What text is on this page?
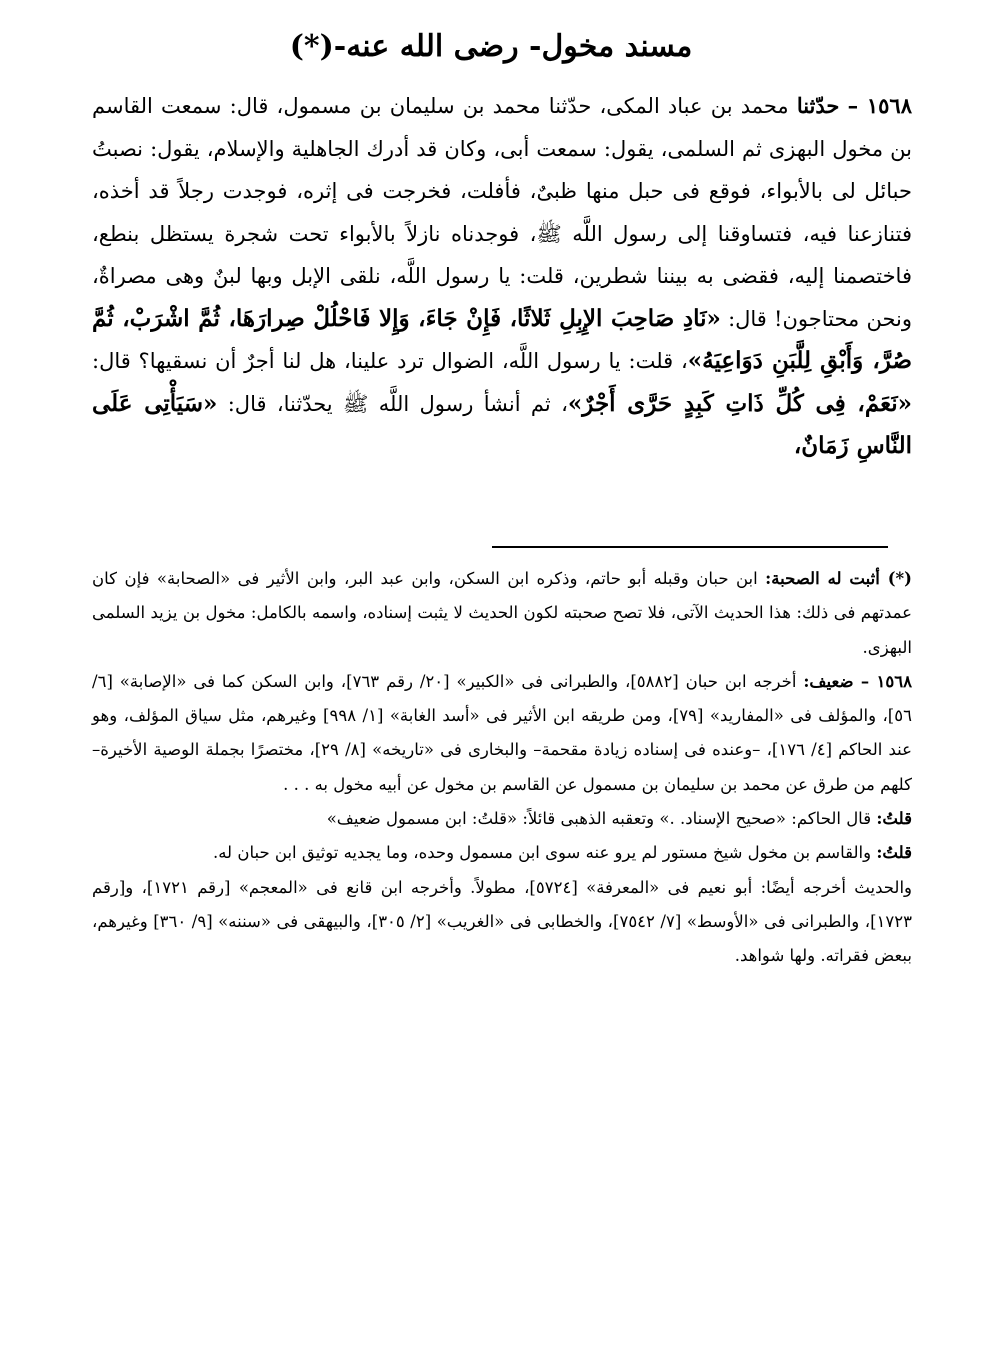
مسند مخول- رضى الله عنه-(*)

١٥٦٨ – حدّثنا محمد بن عباد المكى، حدّثنا محمد بن سليمان بن مسمول، قال: سمعت القاسم بن مخول البهزى ثم السلمى، يقول: سمعت أبى، وكان قد أدرك الجاهلية والإسلام، يقول: نصبتُ حبائل لى بالأبواء، فوقع فى حبل منها ظبىٌ، فأفلت، فخرجت فى إثره، فوجدت رجلاً قد أخذه، فتنازعنا فيه، فتساوقنا إلى رسول اللَّه ﷺ، فوجدناه نازلاً بالأبواء تحت شجرة يستظل بنطع، فاختصمنا إليه، فقضى به بيننا شطرين، قلت: يا رسول اللَّه، نلقى الإبل وبها لبنٌ وهى مصراةٌ، ونحن محتاجون! قال: «نَادِ صَاحِبَ الإِبِلِ ثَلاثًا، فَإِنْ جَاءَ، وَإِلا فَاحْلُلْ صِرارَهَا، ثُمَّ اشْرَبْ، ثُمَّ صُرَّ، وَأَبْقِ لِلَّبَنِ دَوَاعِيَهُ»، قلت: يا رسول اللَّه، الضوال ترد علينا، هل لنا أجرٌ أن نسقيها؟ قال: «نَعَمْ، فِى كُلِّ ذَاتِ كَبِدٍ حَرَّى أَجْرٌ»، ثم أنشأ رسول اللَّه ﷺ يحدّثنا، قال: «سَيَأْتِى عَلَى النَّاسِ زَمَانٌ،

(*) أثبت له الصحبة: ابن حبان وقبله أبو حاتم، وذكره ابن السكن، وابن عبد البر، وابن الأثير فى «الصحابة» فإن كان عمدتهم فى ذلك: هذا الحديث الآتى، فلا تصح صحبته لكون الحديث لا يثبت إسناده، واسمه بالكامل: مخول بن يزيد السلمى البهزى.

١٥٦٨ – ضعيف: أخرجه ابن حبان [٥٨٨٢]، والطبرانى فى «الكبير» [٢٠/ رقم ٧٦٣]، وابن السكن كما فى «الإصابة» [٦/ ٥٦]، والمؤلف فى «المفاريد» [٧٩]، ومن طريقه ابن الأثير فى «أسد الغابة» [١/ ٩٩٨] وغيرهم، مثل سياق المؤلف، وهو عند الحاكم [٤/ ١٧٦]، –وعنده فى إسناده زيادة مقحمة– والبخارى فى «تاريخه» [٨/ ٢٩]، مختصرًا بجملة الوصية الأخيرة– كلهم من طرق عن محمد بن سليمان بن مسمول عن القاسم بن مخول عن أبيه مخول به . . .

قلتُ: قال الحاكم: «صحيح الإسناد. .» وتعقبه الذهبى قائلاً: «قلتُ: ابن مسمول ضعيف»

قلتُ: والقاسم بن مخول شيخ مستور لم يرو عنه سوى ابن مسمول وحده، وما يجديه توثيق ابن حبان له.

والحديث أخرجه أيضًا: أبو نعيم فى «المعرفة» [٥٧٢٤]، مطولاً. وأخرجه ابن قانع فى «المعجم» [رقم ١٧٢١]، و[رقم ١٧٢٣]، والطبرانى فى «الأوسط» [٧/ ٧٥٤٢]، والخطابى فى «الغريب» [٢/ ٣٠٥]، والبيهقى فى «سننه» [٩/ ٣٦٠] وغيرهم، ببعض فقراته. ولها شواهد.
